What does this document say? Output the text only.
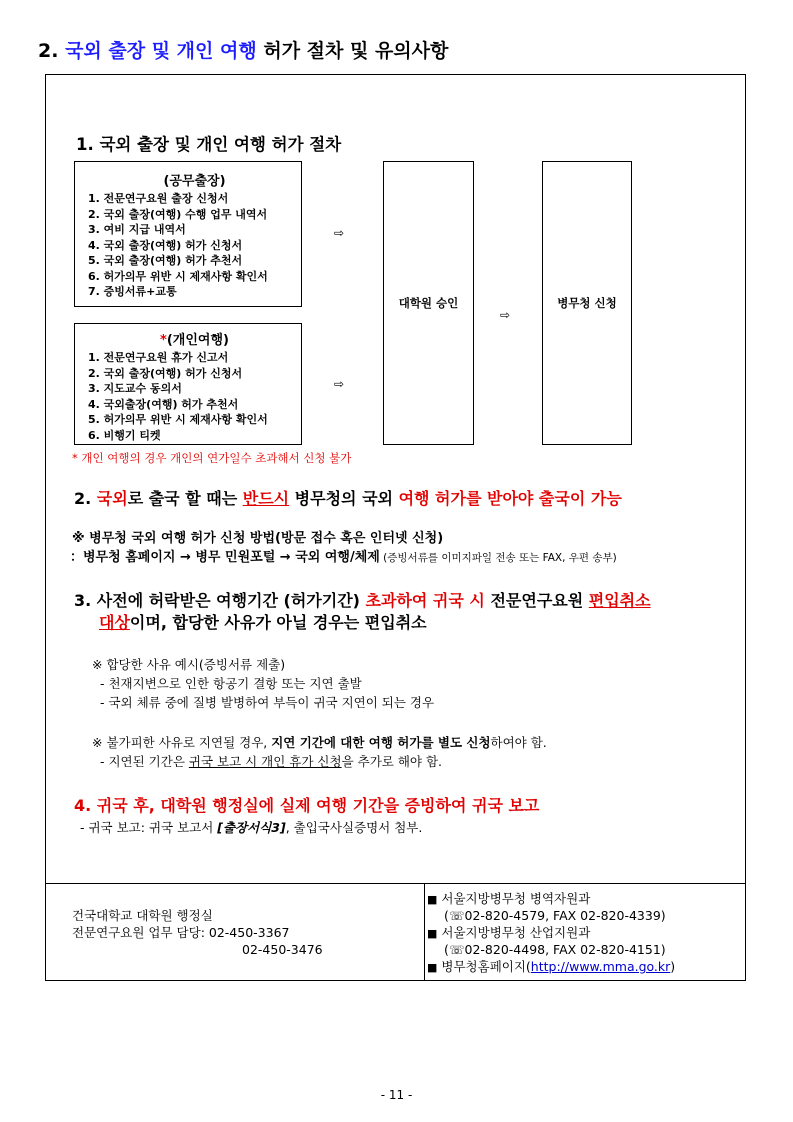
2. 국외 출장 및 개인 여행 허가 절차 및 유의사항
1. 국외 출장 및 개인 여행 허가 절차
(공무출장)
1. 전문연구요원 출장 신청서
2. 국외 출장(여행) 수행 업무 내역서
3. 여비 지급 내역서
4. 국외 출장(여행) 허가 신청서
5. 국외 출장(여행) 허가 추천서
6. 허가의무 위반 시 제재사항 확인서
7. 증빙서류+교통
*(개인여행)
1. 전문연구요원 휴가 신고서
2. 국외 출장(여행) 허가 신청서
3. 지도교수 동의서
4. 국외출장(여행) 허가 추천서
5. 허가의무 위반 시 제재사항 확인서
6. 비행기 티켓
⇨
⇨
⇨
대학원 승인	병무청 신청
* 개인 여행의 경우 개인의 연가일수 초과해서 신청 불가
2. 국외로 출국 할 때는 반드시 병무청의 국외 여행 허가를 받아야 출국이 가능
※ 병무청 국외 여행 허가 신청 방법(방문 접수 혹은 인터넷 신청)
：병무청 홈페이지 → 병무 민원포털 → 국외 여행/체제 (증빙서류를 이미지파일 전송 또는 FAX, 우편 송부)
3. 사전에 허락받은 여행기간 (허가기간) 초과하여 귀국 시 전문연구요원 편입취소
대상이며, 합당한 사유가 아닐 경우는 편입취소
※ 합당한 사유 예시(증빙서류 제출)
- 천재지변으로 인한 항공기 결항 또는 지연 출발
- 국외 체류 중에 질병 발병하여 부득이 귀국 지연이 되는 경우
※ 불가피한 사유로 지연될 경우, 지연 기간에 대한 여행 허가를 별도 신청하여야 함.
- 지연된 기간은 귀국 보고 시 개인 휴가 신청을 추가로 해야 함.
4. 귀국 후, 대학원 행정실에 실제 여행 기간을 증빙하여 귀국 보고
- 귀국 보고: 귀국 보고서 [출장서식3], 출입국사실증명서 첨부.
건국대학교 대학원 행정실
전문연구요원 업무 담당: 02-450-3367
02-450-3476
■ 서울지방병무청 병역자원과
(☏02-820-4579, FAX 02-820-4339)
■ 서울지방병무청 산업지원과
(☏02-820-4498, FAX 02-820-4151)
■ 병무청홈페이지(http://www.mma.go.kr)
- 11 -
